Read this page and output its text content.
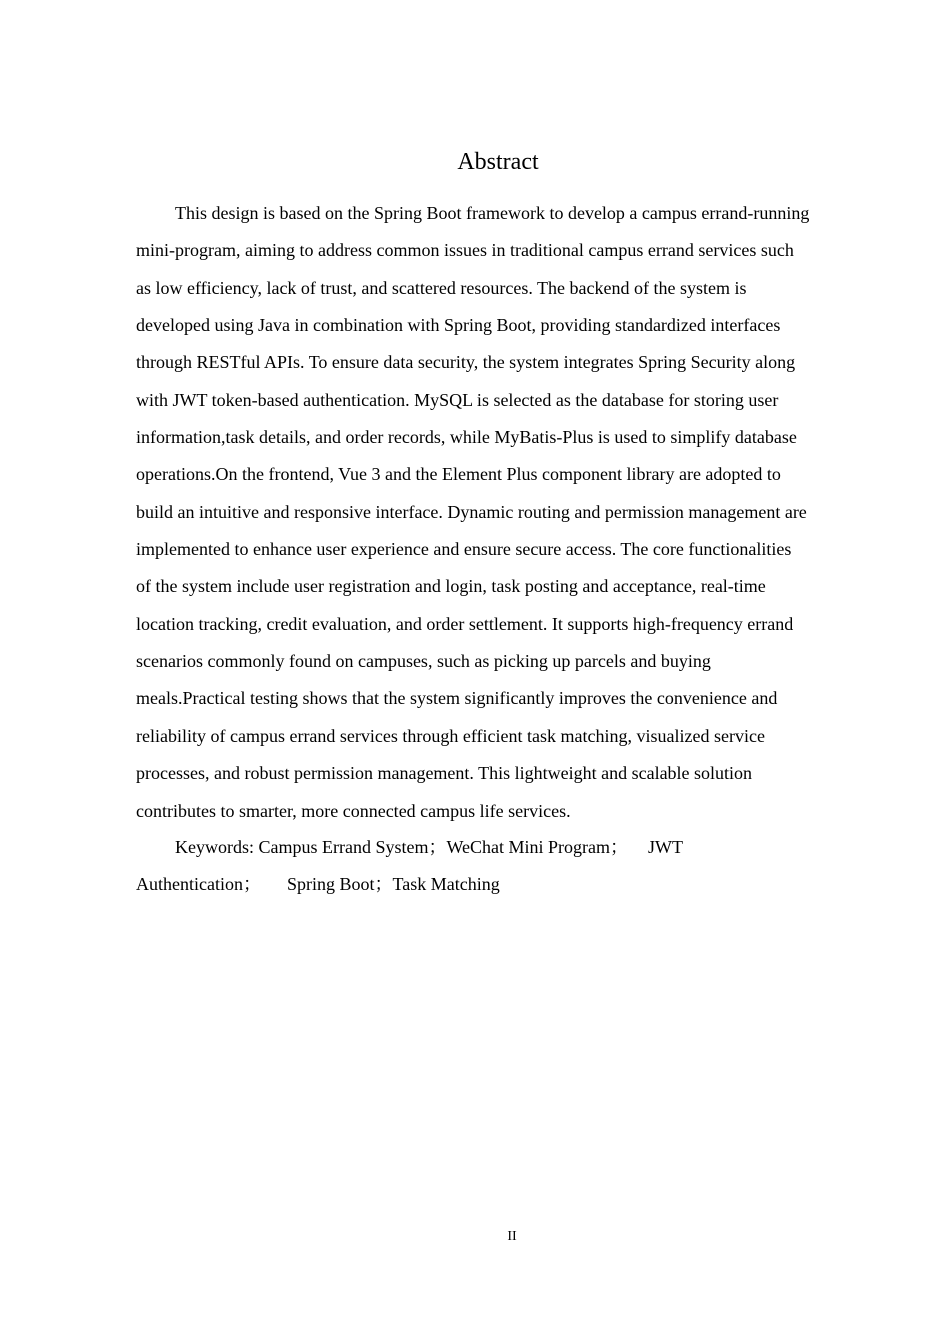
Abstract
This design is based on the Spring Boot framework to develop a campus errand-running
mini-program, aiming to address common issues in traditional campus errand services such
as low efficiency, lack of trust, and scattered resources. The backend of the system is
developed using Java in combination with Spring Boot, providing standardized interfaces
through RESTful APIs. To ensure data security, the system integrates Spring Security along
with JWT token-based authentication. MySQL is selected as the database for storing user
information,task details, and order records, while MyBatis-Plus is used to simplify database
operations.On the frontend, Vue 3 and the Element Plus component library are adopted to
build an intuitive and responsive interface. Dynamic routing and permission management are
implemented to enhance user experience and ensure secure access. The core functionalities
of the system include user registration and login, task posting and acceptance, real-time
location tracking, credit evaluation, and order settlement. It supports high-frequency errand
scenarios commonly found on campuses, such as picking up parcels and buying
meals.Practical testing shows that the system significantly improves the convenience and
reliability of campus errand services through efficient task matching, visualized service
processes, and robust permission management. This lightweight and scalable solution
contributes to smarter, more connected campus life services.
Keywords: Campus Errand System；WeChat Mini Program； JWT
Authentication； Spring Boot；Task Matching
II
